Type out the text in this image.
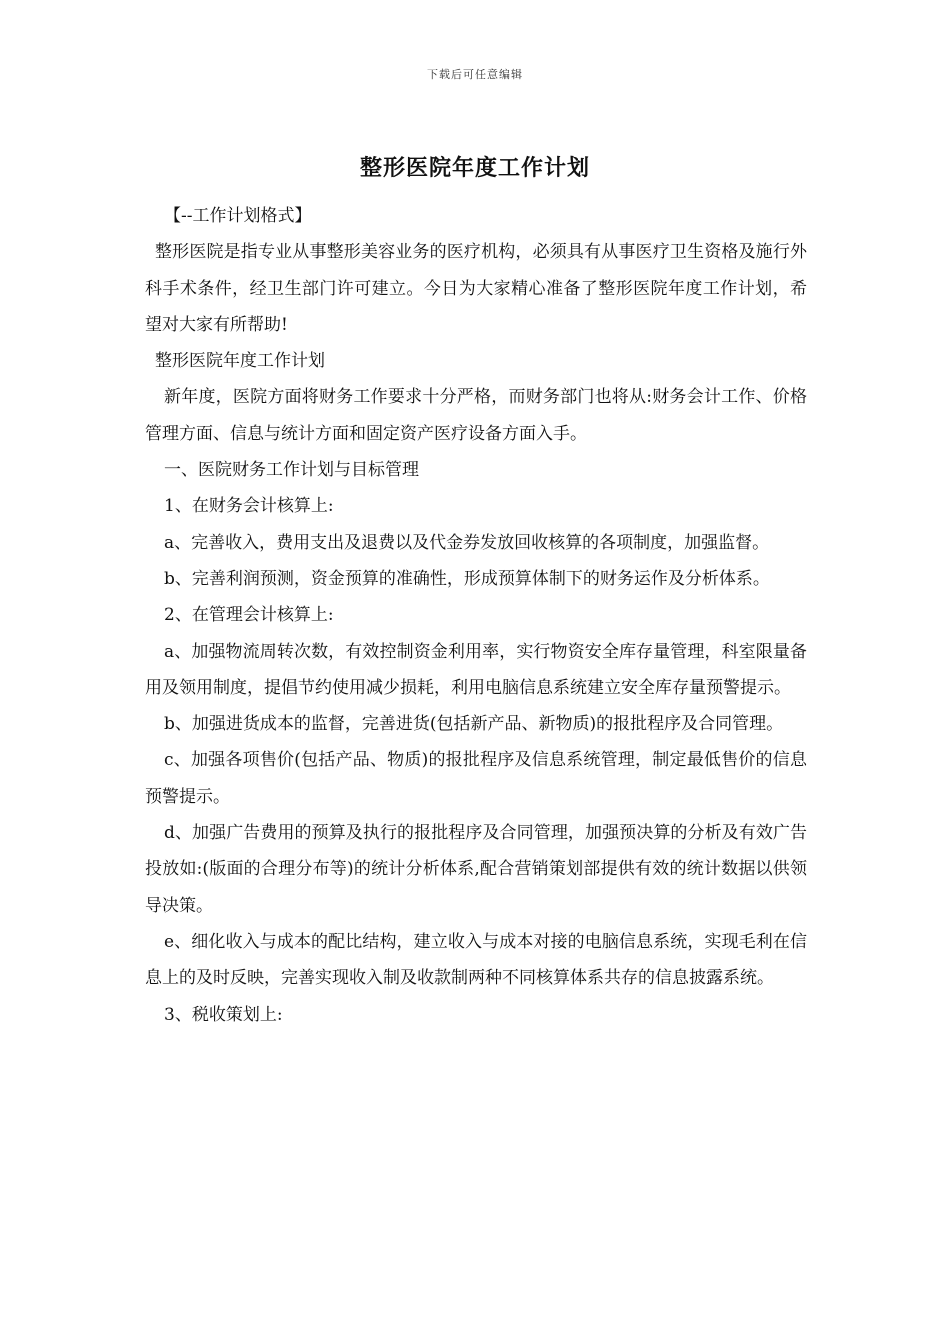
下载后可任意编辑
整形医院年度工作计划

【--工作计划格式】

整形医院是指专业从事整形美容业务的医疗机构，必须具有从事医疗卫生资格及施行外科手术条件，经卫生部门许可建立。今日为大家精心准备了整形医院年度工作计划，希望对大家有所帮助!

整形医院年度工作计划

新年度，医院方面将财务工作要求十分严格，而财务部门也将从:财务会计工作、价格管理方面、信息与统计方面和固定资产医疗设备方面入手。

一、医院财务工作计划与目标管理

1、在财务会计核算上:

a、完善收入，费用支出及退费以及代金券发放回收核算的各项制度，加强监督。

b、完善利润预测，资金预算的准确性，形成预算体制下的财务运作及分析体系。

2、在管理会计核算上:

a、加强物流周转次数，有效控制资金利用率，实行物资安全库存量管理，科室限量备用及领用制度，提倡节约使用减少损耗，利用电脑信息系统建立安全库存量预警提示。

b、加强进货成本的监督，完善进货(包括新产品、新物质)的报批程序及合同管理。

c、加强各项售价(包括产品、物质)的报批程序及信息系统管理，制定最低售价的信息预警提示。

d、加强广告费用的预算及执行的报批程序及合同管理，加强预决算的分析及有效广告投放如:(版面的合理分布等)的统计分析体系,配合营销策划部提供有效的统计数据以供领导决策。

e、细化收入与成本的配比结构，建立收入与成本对接的电脑信息系统，实现毛利在信息上的及时反映，完善实现收入制及收款制两种不同核算体系共存的信息披露系统。

3、税收策划上:
